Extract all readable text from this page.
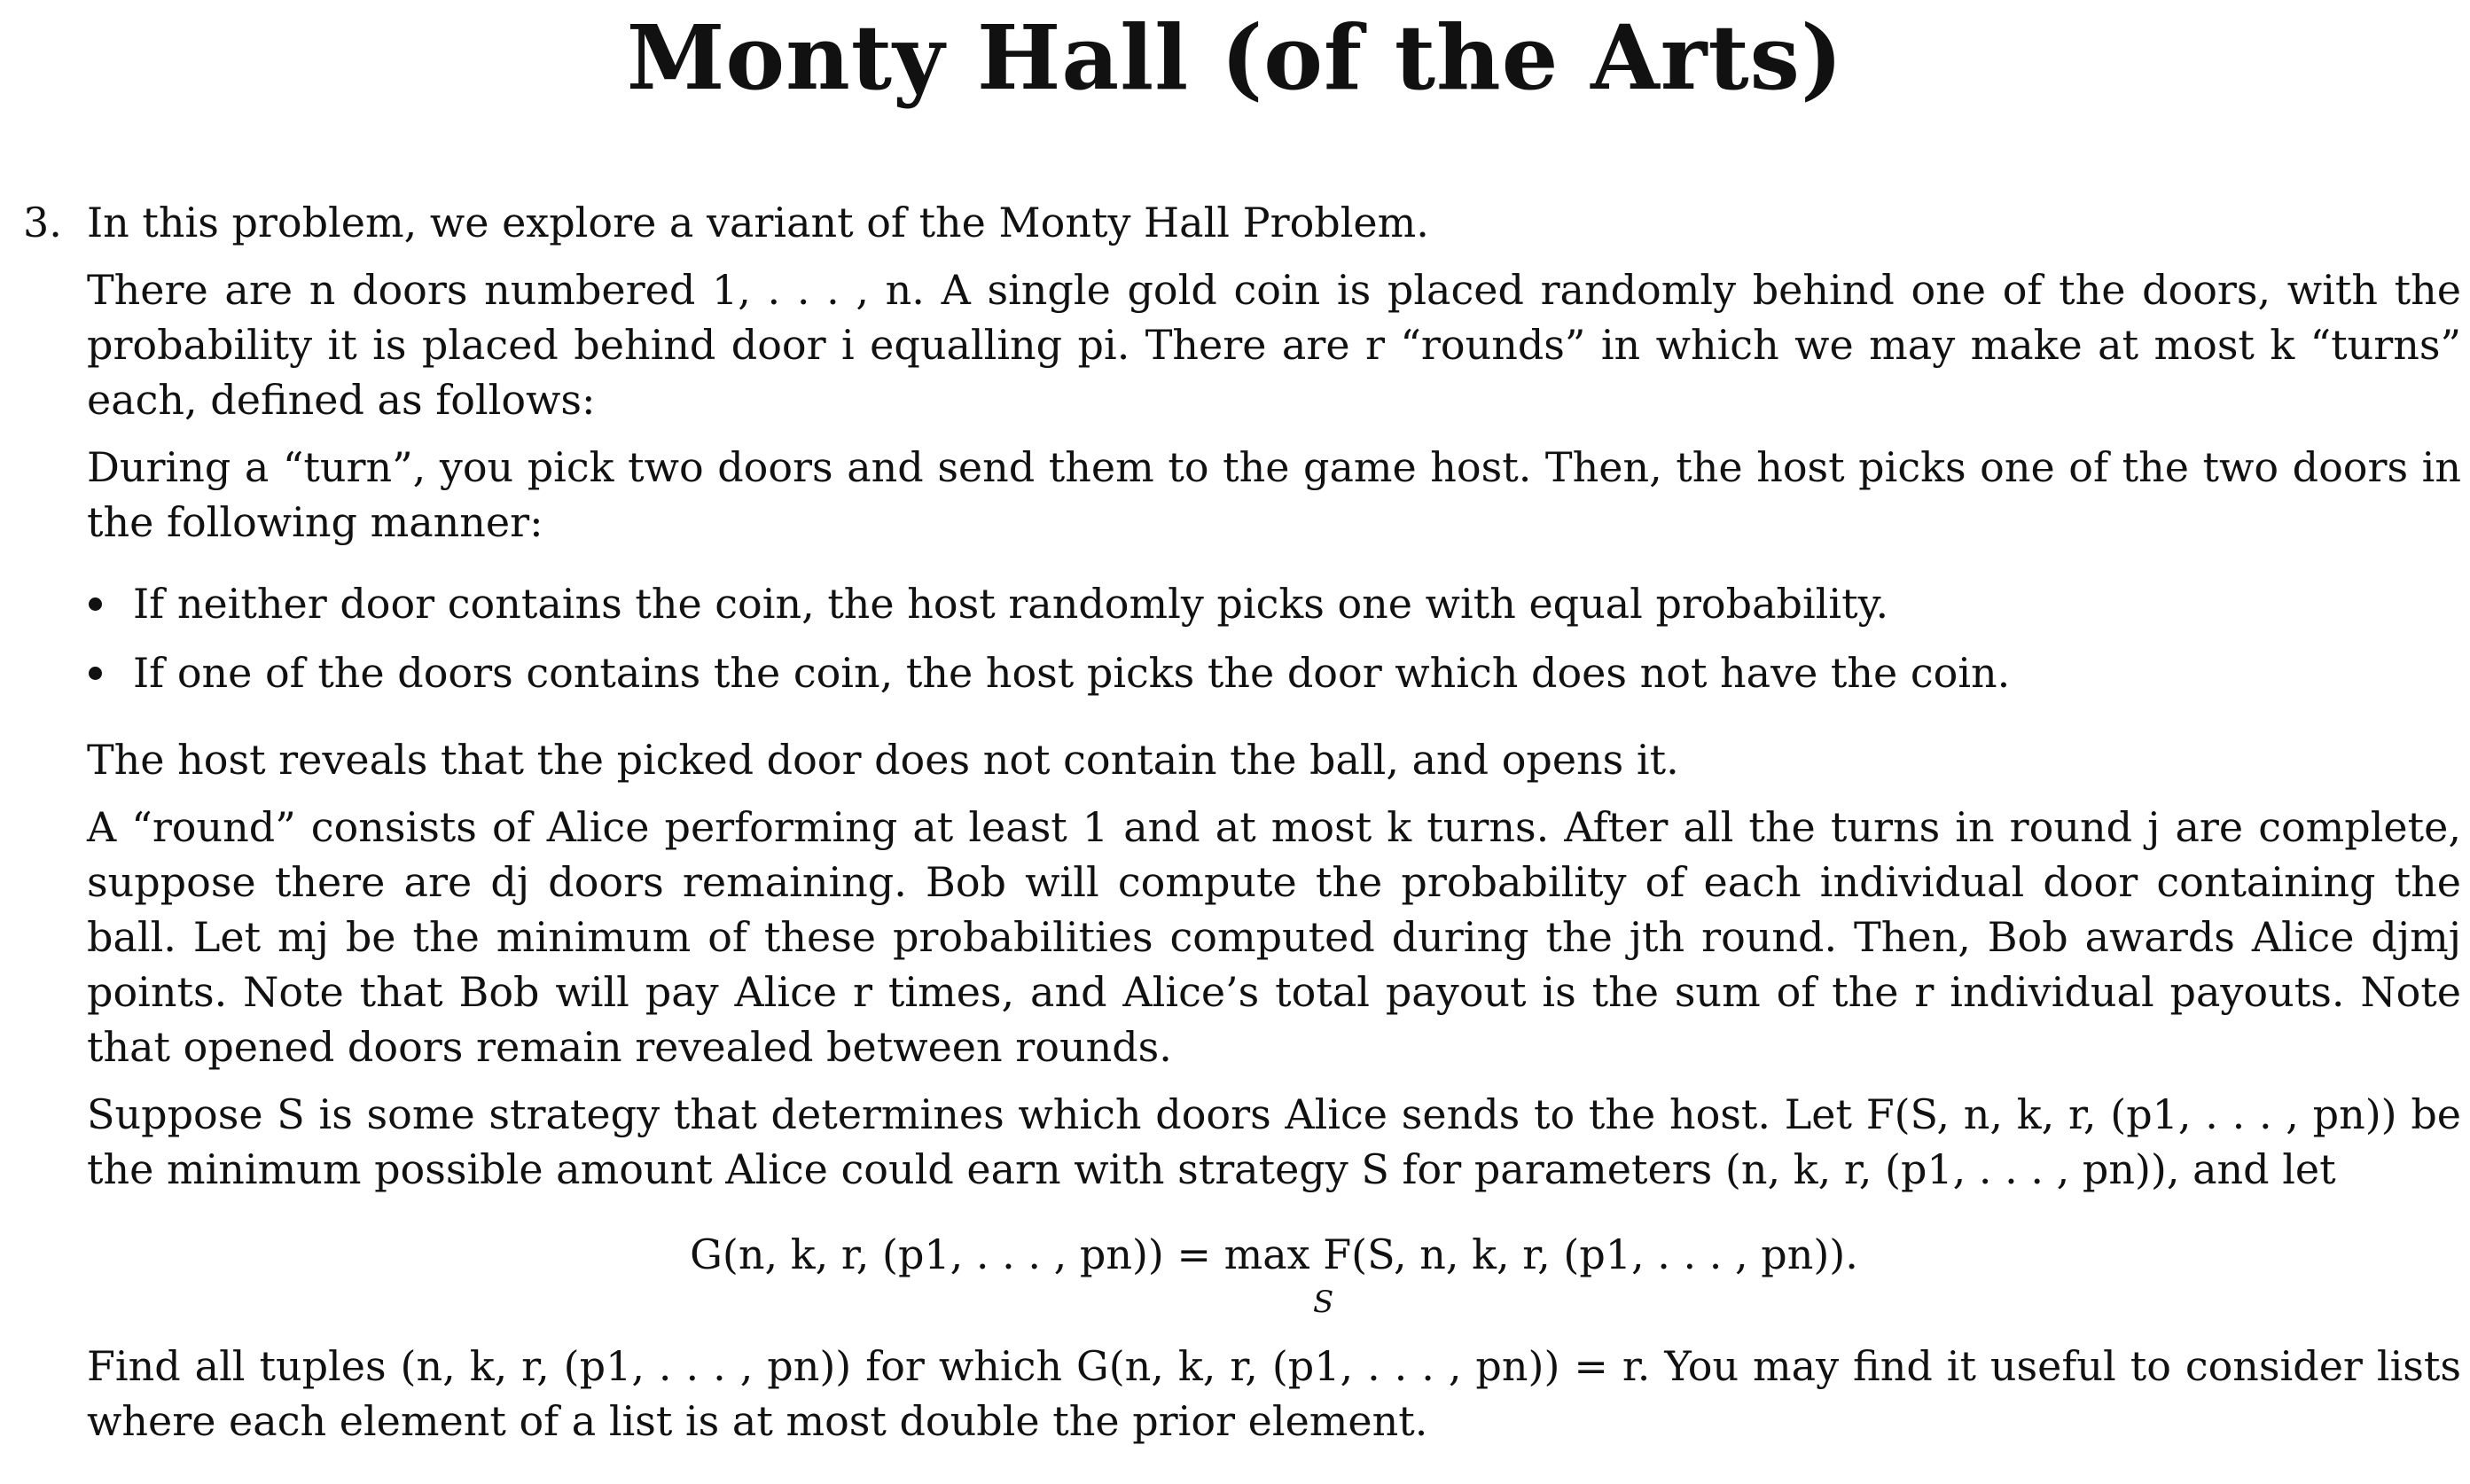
Monty Hall (of the Arts)
3. In this problem, we explore a variant of the Monty Hall Problem.

There are n doors numbered 1, . . . , n. A single gold coin is placed randomly behind one of the doors, with the probability it is placed behind door i equalling pi. There are r “rounds” in which we may make at most k “turns” each, defined as follows:

During a “turn”, you pick two doors and send them to the game host. Then, the host picks one of the two doors in the following manner:

If neither door contains the coin, the host randomly picks one with equal probability.
If one of the doors contains the coin, the host picks the door which does not have the coin.

The host reveals that the picked door does not contain the ball, and opens it.

A “round” consists of Alice performing at least 1 and at most k turns. After all the turns in round j are complete, suppose there are dj doors remaining. Bob will compute the probability of each individual door containing the ball. Let mj be the minimum of these probabilities computed during the jth round. Then, Bob awards Alice djmj points. Note that Bob will pay Alice r times, and Alice’s total payout is the sum of the r individual payouts. Note that opened doors remain revealed between rounds.

Suppose S is some strategy that determines which doors Alice sends to the host. Let F(S, n, k, r, (p1, . . . , pn)) be the minimum possible amount Alice could earn with strategy S for parameters (n, k, r, (p1, . . . , pn)), and let

G(n, k, r, (p1, . . . , pn)) = max F(S, n, k, r, (p1, . . . , pn)).
S

Find all tuples (n, k, r, (p1, . . . , pn)) for which G(n, k, r, (p1, . . . , pn)) = r. You may find it useful to consider lists where each element of a list is at most double the prior element.
